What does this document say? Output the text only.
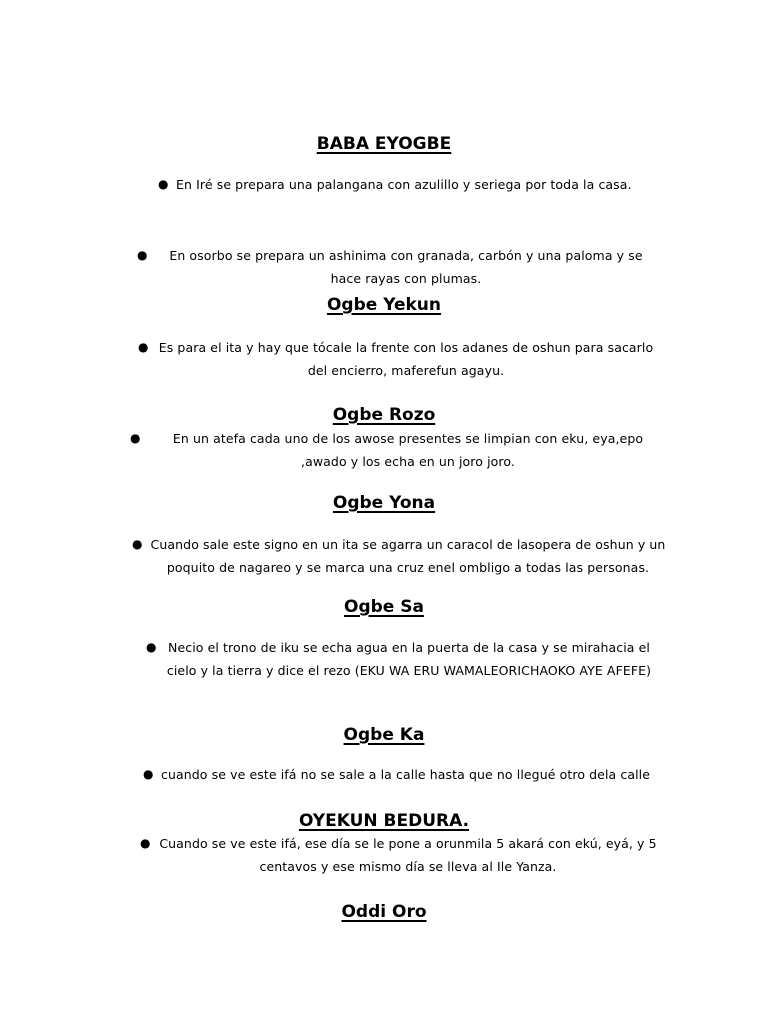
BABA EYOGBE
● En Iré se prepara una palangana con azulillo y seriega por toda la casa.
●	En osorbo se prepara un ashinima con granada, carbón y una paloma y se hace rayas con plumas.
Ogbe Yekun
● Es para el ita y hay que tócale la frente con los adanes de oshun para sacarlo del encierro, maferefun agayu.
Ogbe Rozo
●	En un atefa cada uno de los awose presentes se limpian con eku, eya,epo ,awado y los echa en un joro joro.
Ogbe Yona
● Cuando sale este signo en un ita se agarra un caracol de lasopera de oshun y un poquito de nagareo y se marca una cruz enel ombligo a todas las personas.
Ogbe Sa
● Necio el trono de iku se echa agua en la puerta de la casa y se mirahacia el cielo y la tierra y dice el rezo (EKU WA ERU WAMALEORICHAOKO AYE AFEFE)
Ogbe Ka
● cuando se ve este ifá no se sale a la calle hasta que no llegué otro dela calle
OYEKUN BEDURA.
● Cuando se ve este ifá, ese día se le pone a orunmila 5 akará con ekú, eyá, y 5 centavos y ese mismo día se lleva al Ile Yanza.
Oddi Oro
